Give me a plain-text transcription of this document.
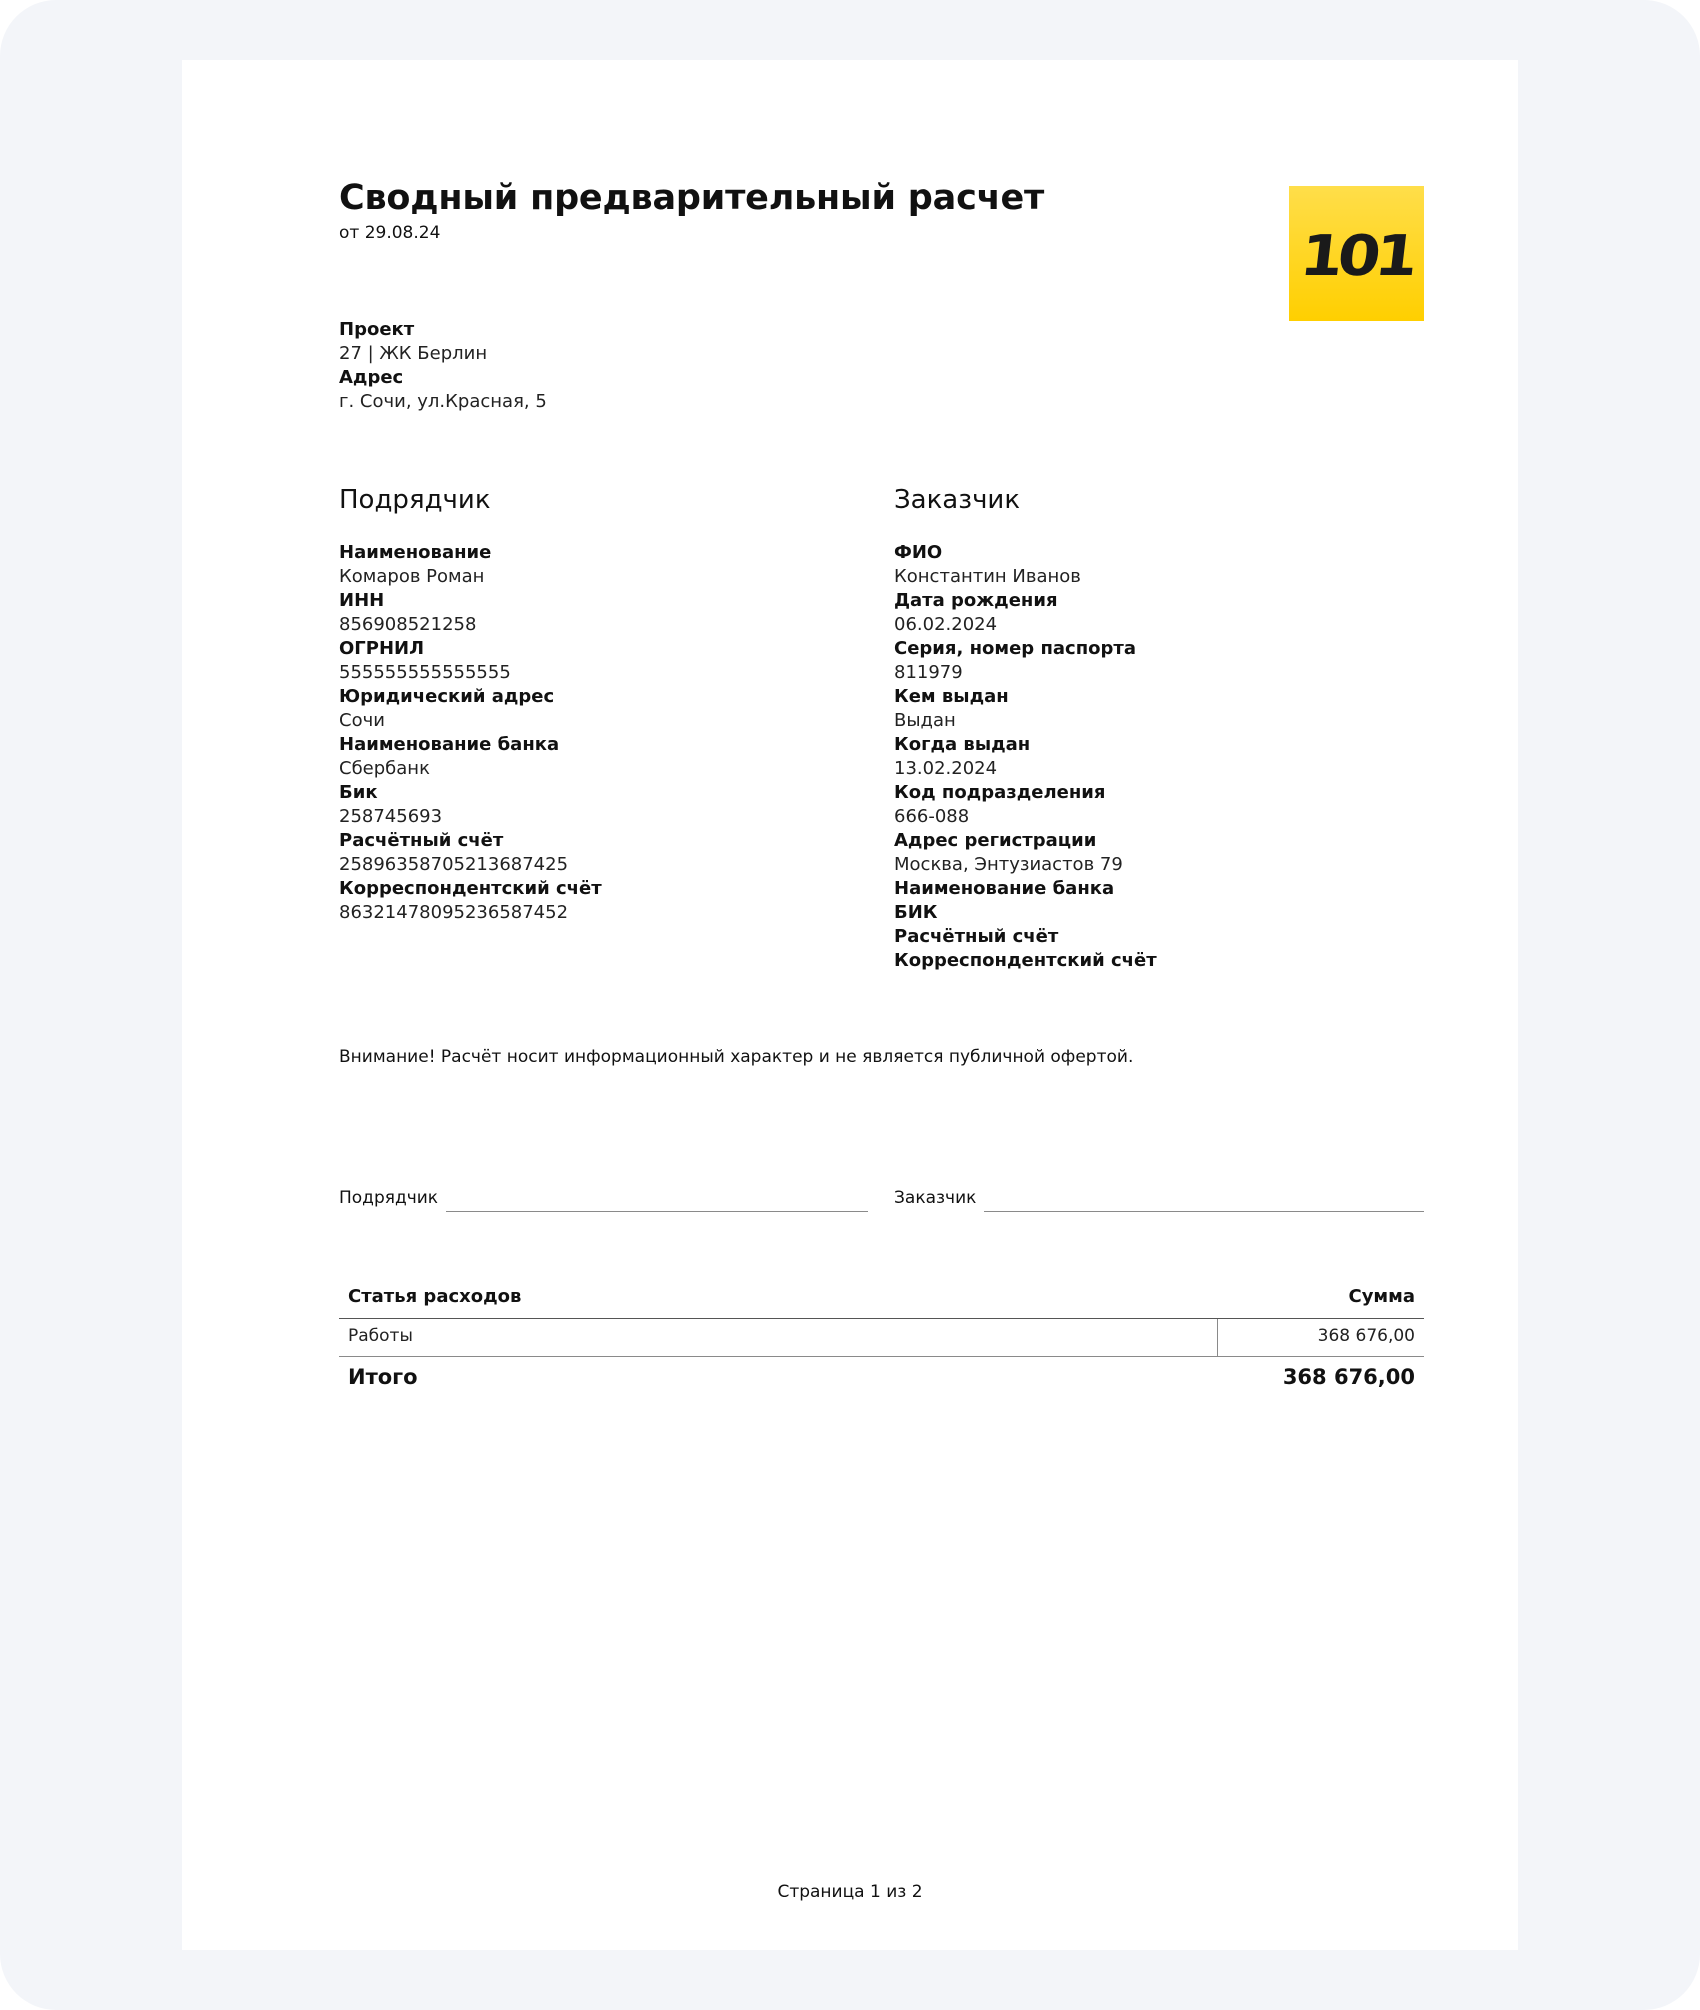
Сводный предварительный расчет
от 29.08.24	101
Проект
27 | ЖК Берлин
Адрес
г. Сочи, ул.Красная, 5
Подрядчик
Наименование
Комаров Роман
ИНН
856908521258
ОГРНИЛ
555555555555555
Юридический адрес
Сочи
Наименование банка
Сбербанк
Бик
258745693
Расчётный счёт
25896358705213687425
Корреспондентский счёт
86321478095236587452
Заказчик
ФИО
Константин Иванов
Дата рождения
06.02.2024
Серия, номер паспорта
811979
Кем выдан
Выдан
Когда выдан
13.02.2024
Код подразделения
666-088
Адрес регистрации
Москва, Энтузиастов 79
Наименование банка
БИК
Расчётный счёт
Корреспондентский счёт
Внимание! Расчёт носит информационный характер и не является публичной офертой.
Подрядчик	Заказчик
Статья расходов	Сумма
Работы	368 676,00
Итого	368 676,00
Страница 1 из 2
